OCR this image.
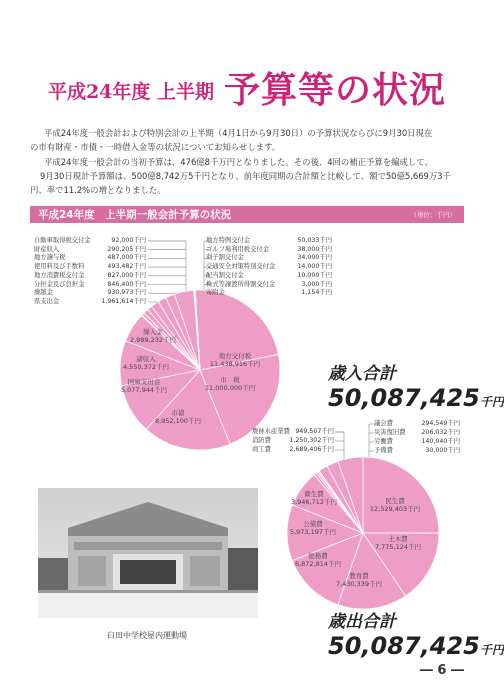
平成24年度 上半期 予算等の状況
平成24年度一般会計および特別会計の上半期（4月1日から9月30日）の予算状況ならびに9月30日現在
の市有財産・市債・一時借入金等の状況についてお知らせします。
平成24年度一般会計の当初予算は、476億8千万円となりました。その後、4回の補正予算を編成して、
9月30日現計予算額は、500億8,742万5千円となり、前年度同期の合計額と比較して、額で50億5,669万3千
円、率で11.2%の増となりました。
平成24年度　上半期一般会計予算の状況	（単位：千円）
自動車取得税交付金	92,000千円
財産収入	290,205千円
地方譲与税	487,000千円
使用料及び手数料	493,482千円
地方消費税交付金	827,000千円
分担金及び負担金	846,400千円
繰越金	930,973千円
県支出金	1,961,614千円
地方特例交付金	50,033千円
ゴルフ場利用税交付金	38,000千円
利子割交付金	34,000千円
交通安全対策特別交付金	14,000千円
配当割交付金	10,000千円
株式等譲渡所得割交付金	3,000千円
寄附金	1,154千円
地方交付税
11,438,916千円
市　税
11,000,000千円
市債
8,952,100千円
国庫支出金
5,077,944千円
諸収入
4,550,372千円
繰入金
2,989,232千円
歳入合計
50,087,425千円
農林水産業費 949,507千円
消防費	1,250,302千円
商工費	2,689,406千円
議会費	294,549千円
災害復旧費	206,032千円
労働費	140,040千円
予備費	30,000千円
民生費
12,529,403千円
土木費
7,775,124千円
教育費
7,430,339千円
総務費
6,872,814千円
公債費
5,973,197千円
衛生費
3,946,712千円
歳出合計
50,087,425千円
臼田中学校屋内運動場
― 6 ―
